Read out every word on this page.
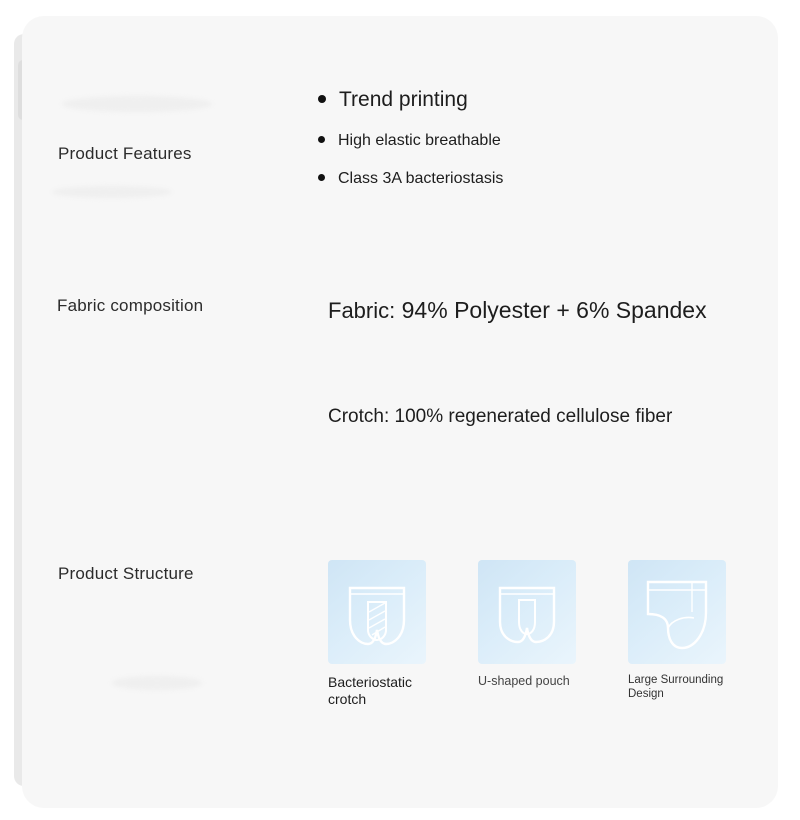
Product Features
Fabric composition
Product Structure
Trend printing
High elastic breathable
Class 3A bacteriostasis
Fabric: 94% Polyester + 6% Spandex
Crotch: 100% regenerated cellulose fiber
Bacteriostatic crotch
U-shaped pouch	Large Surrounding Design
